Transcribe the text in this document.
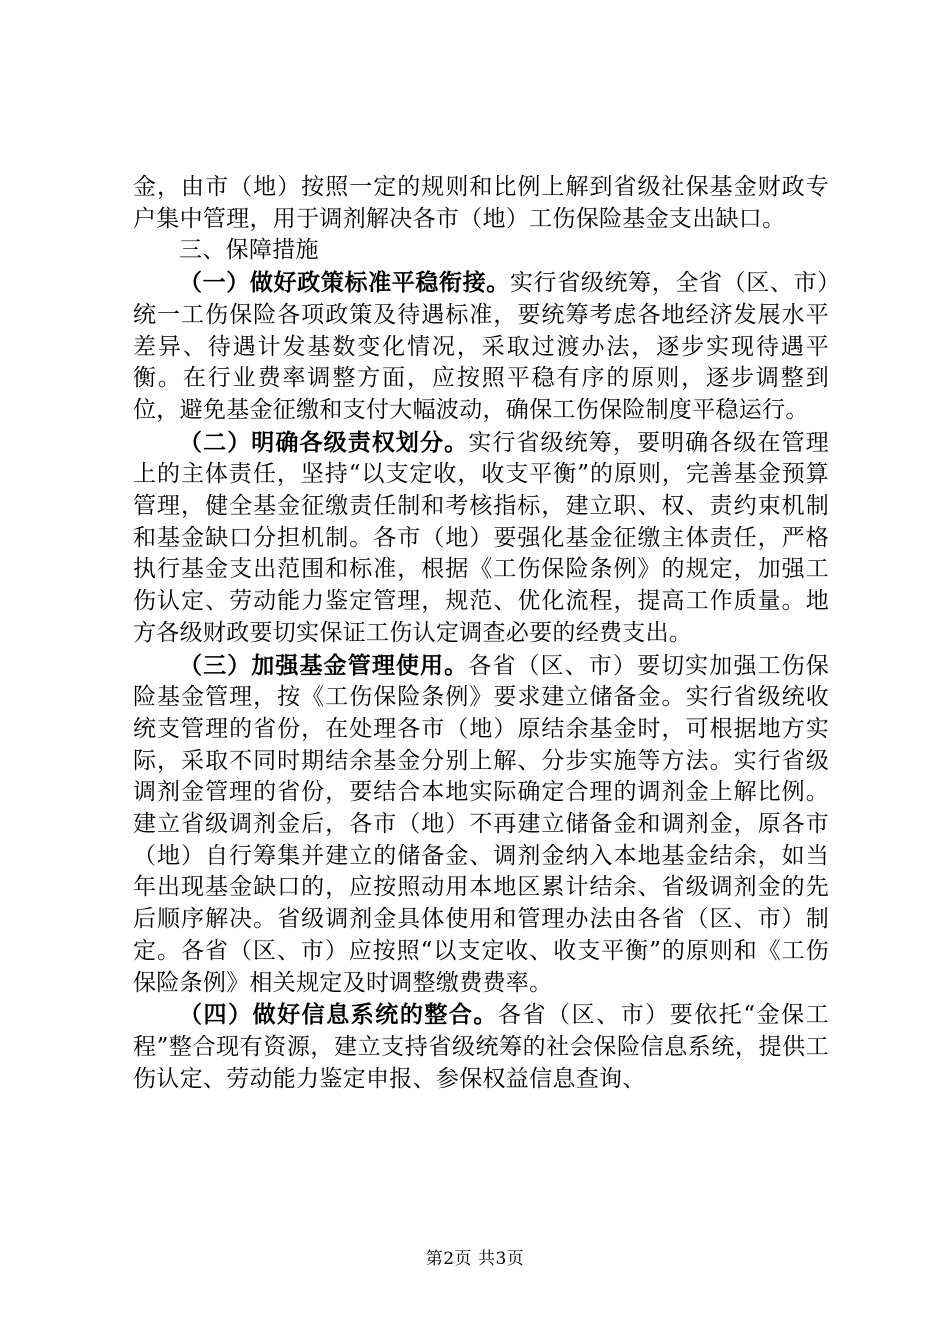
金，由市（地）按照一定的规则和比例上解到省级社保基金财政专户集中管理，用于调剂解决各市（地）工伤保险基金支出缺口。

三、保障措施

（一）做好政策标准平稳衔接。实行省级统筹，全省（区、市）统一工伤保险各项政策及待遇标准，要统筹考虑各地经济发展水平差异、待遇计发基数变化情况，采取过渡办法，逐步实现待遇平衡。在行业费率调整方面，应按照平稳有序的原则，逐步调整到位，避免基金征缴和支付大幅波动，确保工伤保险制度平稳运行。

（二）明确各级责权划分。实行省级统筹，要明确各级在管理上的主体责任，坚持“以支定收，收支平衡”的原则，完善基金预算管理，健全基金征缴责任制和考核指标，建立职、权、责约束机制和基金缺口分担机制。各市（地）要强化基金征缴主体责任，严格执行基金支出范围和标准，根据《工伤保险条例》的规定，加强工伤认定、劳动能力鉴定管理，规范、优化流程，提高工作质量。地方各级财政要切实保证工伤认定调查必要的经费支出。

（三）加强基金管理使用。各省（区、市）要切实加强工伤保险基金管理，按《工伤保险条例》要求建立储备金。实行省级统收统支管理的省份，在处理各市（地）原结余基金时，可根据地方实际，采取不同时期结余基金分别上解、分步实施等方法。实行省级调剂金管理的省份，要结合本地实际确定合理的调剂金上解比例。建立省级调剂金后，各市（地）不再建立储备金和调剂金，原各市（地）自行筹集并建立的储备金、调剂金纳入本地基金结余，如当年出现基金缺口的，应按照动用本地区累计结余、省级调剂金的先后顺序解决。省级调剂金具体使用和管理办法由各省（区、市）制定。各省（区、市）应按照“以支定收、收支平衡”的原则和《工伤保险条例》相关规定及时调整缴费费率。

（四）做好信息系统的整合。各省（区、市）要依托“金保工程”整合现有资源，建立支持省级统筹的社会保险信息系统，提供工伤认定、劳动能力鉴定申报、参保权益信息查询、

第2页 共3页
